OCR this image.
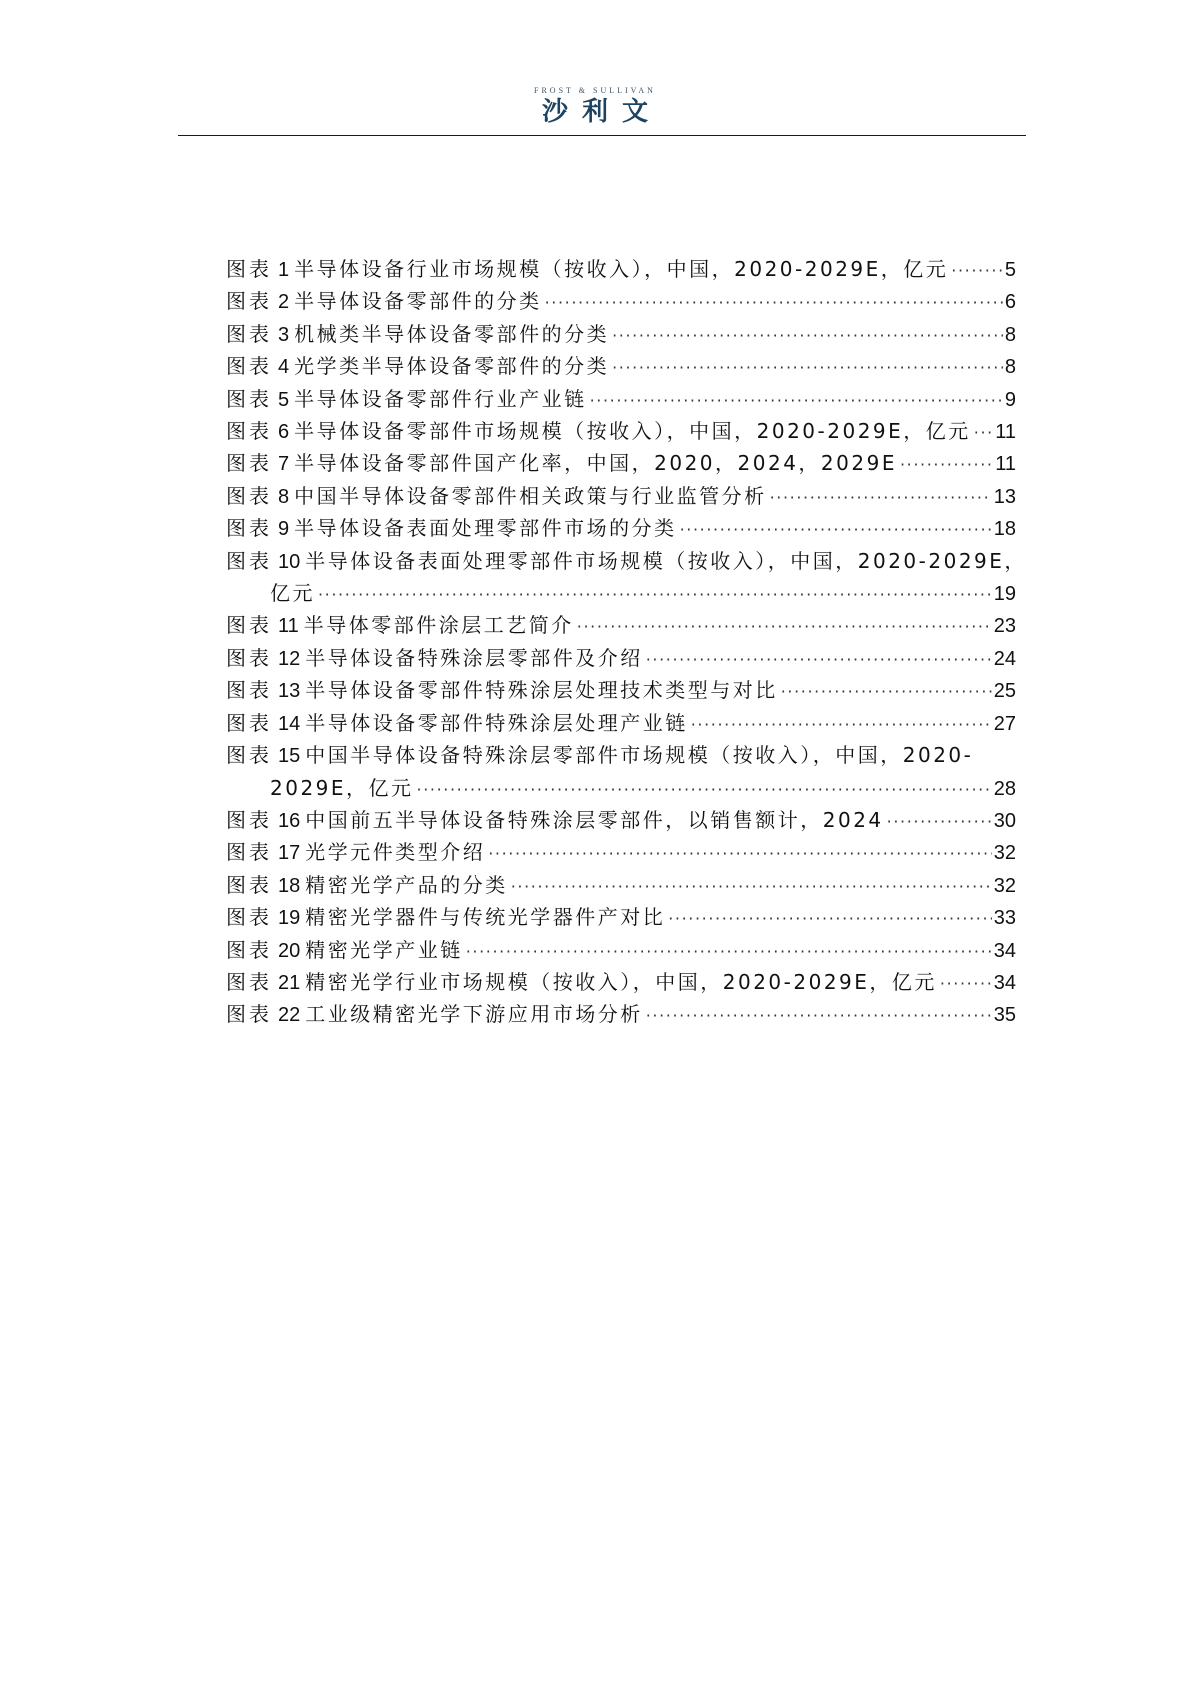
FROST & SULLIVAN
沙利文
图表 1 半导体设备行业市场规模（按收入），中国，2020-2029E，亿元 ·····	5
图表 2 半导体设备零部件的分类 ·····	6
图表 3 机械类半导体设备零部件的分类 ·····	8
图表 4 光学类半导体设备零部件的分类 ·····	8
图表 5 半导体设备零部件行业产业链 ·····	9
图表 6 半导体设备零部件市场规模（按收入），中国，2020-2029E，亿元 ····· 11
图表 7 半导体设备零部件国产化率，中国，2020，2024，2029E ·····	11
图表 8 中国半导体设备零部件相关政策与行业监管分析 ·····	13
图表 9 半导体设备表面处理零部件市场的分类 ·····	18
图表 10 半导体设备表面处理零部件市场规模（按收入），中国，2020-2029E，
亿元 ·····	19
图表 11 半导体零部件涂层工艺简介 ·····	23
图表 12 半导体设备特殊涂层零部件及介绍 ·····	24
图表 13 半导体设备零部件特殊涂层处理技术类型与对比 ·····	25
图表 14 半导体设备零部件特殊涂层处理产业链 ·····	27
图表 15 中国半导体设备特殊涂层零部件市场规模（按收入），中国，2020-
2029E，亿元 ·····	28
图表 16 中国前五半导体设备特殊涂层零部件，以销售额计，2024 ·····	30
图表 17 光学元件类型介绍 ·····	32
图表 18 精密光学产品的分类 ·····	32
图表 19 精密光学器件与传统光学器件产对比 ·····	33
图表 20 精密光学产业链 ·····	34
图表 21 精密光学行业市场规模（按收入），中国，2020-2029E，亿元 ·····	34
图表 22 工业级精密光学下游应用市场分析 ·····	35
